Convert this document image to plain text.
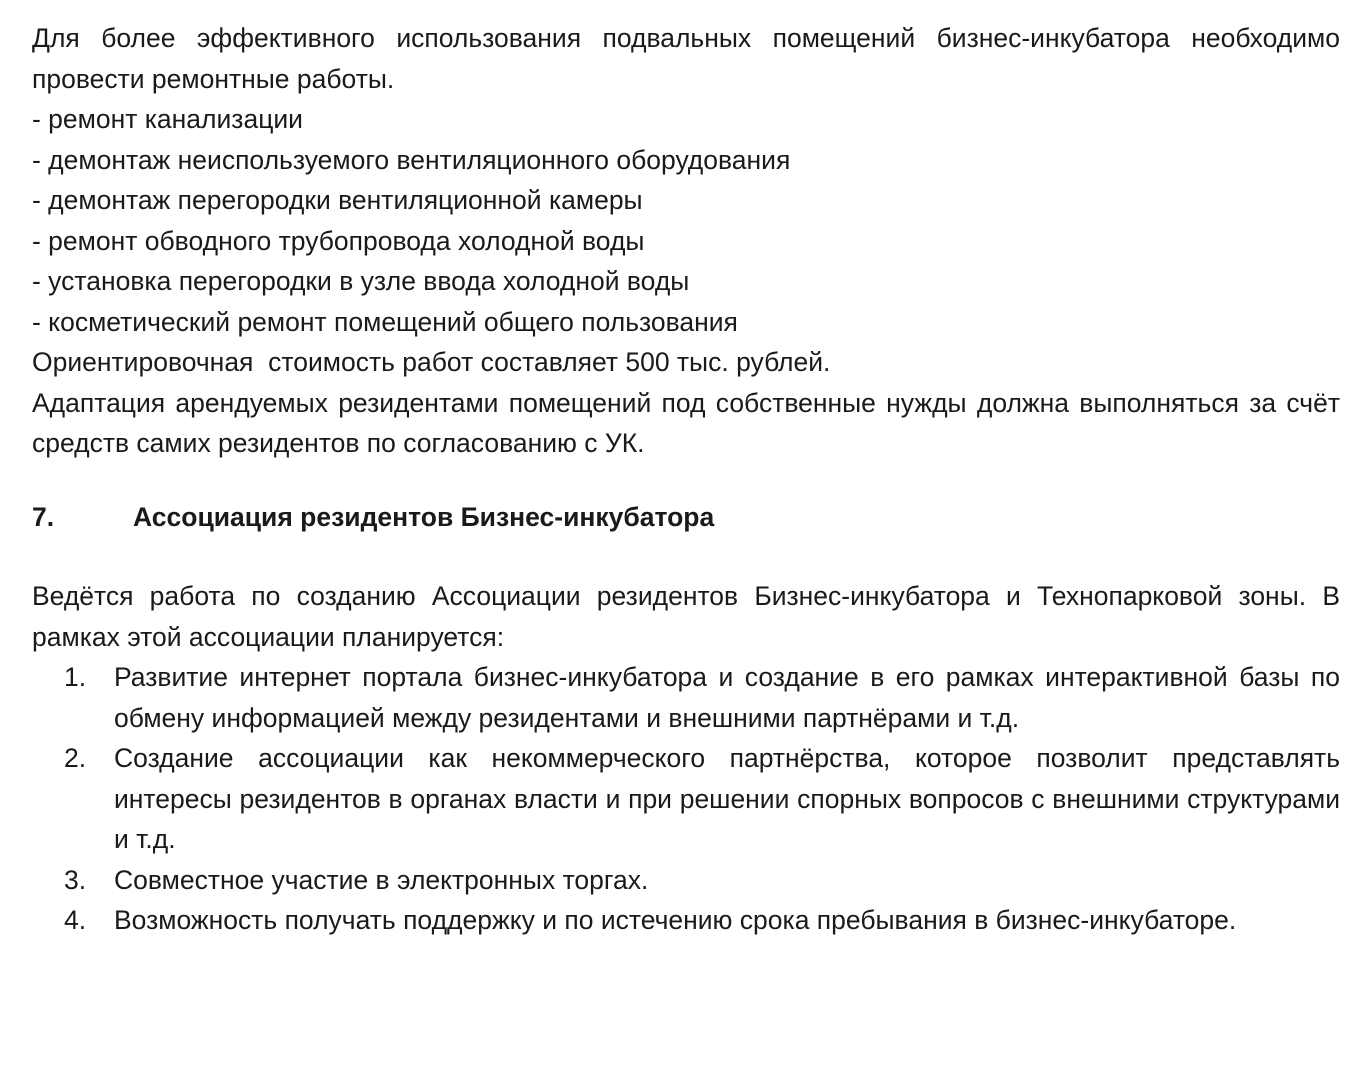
Для более эффективного использования подвальных помещений бизнес-инкубатора необходимо провести ремонтные работы.

- ремонт канализации

- демонтаж неиспользуемого вентиляционного оборудования

- демонтаж перегородки вентиляционной камеры

- ремонт обводного трубопровода холодной воды

- установка перегородки в узле ввода холодной воды

- косметический ремонт помещений общего пользования

Ориентировочная  стоимость работ составляет 500 тыс. рублей.

Адаптация арендуемых резидентами помещений под собственные нужды должна выполняться за счёт средств самих резидентов по согласованию с УК.

7.	Ассоциация резидентов Бизнес-инкубатора

Ведётся работа по созданию Ассоциации резидентов Бизнес-инкубатора и Технопарковой зоны. В рамках этой ассоциации планируется:

1.	Развитие интернет портала бизнес-инкубатора и создание в его рамках интерактивной базы по обмену информацией между резидентами и внешними партнёрами и т.д.
2.	Создание ассоциации как некоммерческого партнёрства, которое позволит представлять интересы резидентов в органах власти и при решении спорных вопросов с внешними структурами и т.д.
3.	Совместное участие в электронных торгах.
4.	Возможность получать поддержку и по истечению срока пребывания в бизнес-инкубаторе.
